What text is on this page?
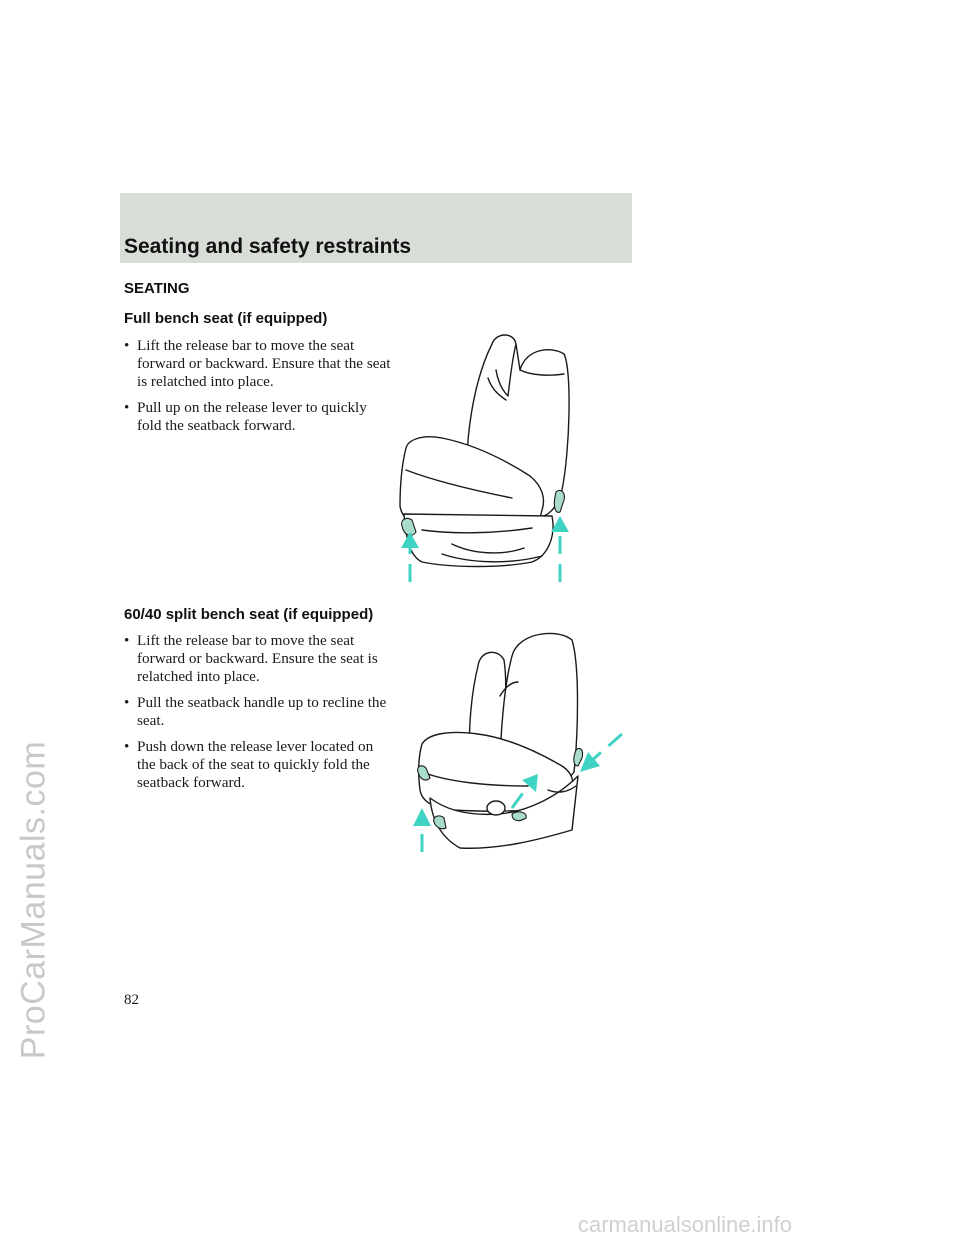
ProCarManuals.com
Seating and safety restraints
SEATING
Full bench seat (if equipped)
• Lift the release bar to move the seat forward or backward. Ensure that the seat is relatched into place.
• Pull up on the release lever to quickly fold the seatback forward.
60/40 split bench seat (if equipped)
• Lift the release bar to move the seat forward or backward. Ensure the seat is relatched into place.
• Pull the seatback handle up to recline the seat.
• Push down the release lever located on the back of the seat to quickly fold the seatback forward.
82
carmanualsonline.info
